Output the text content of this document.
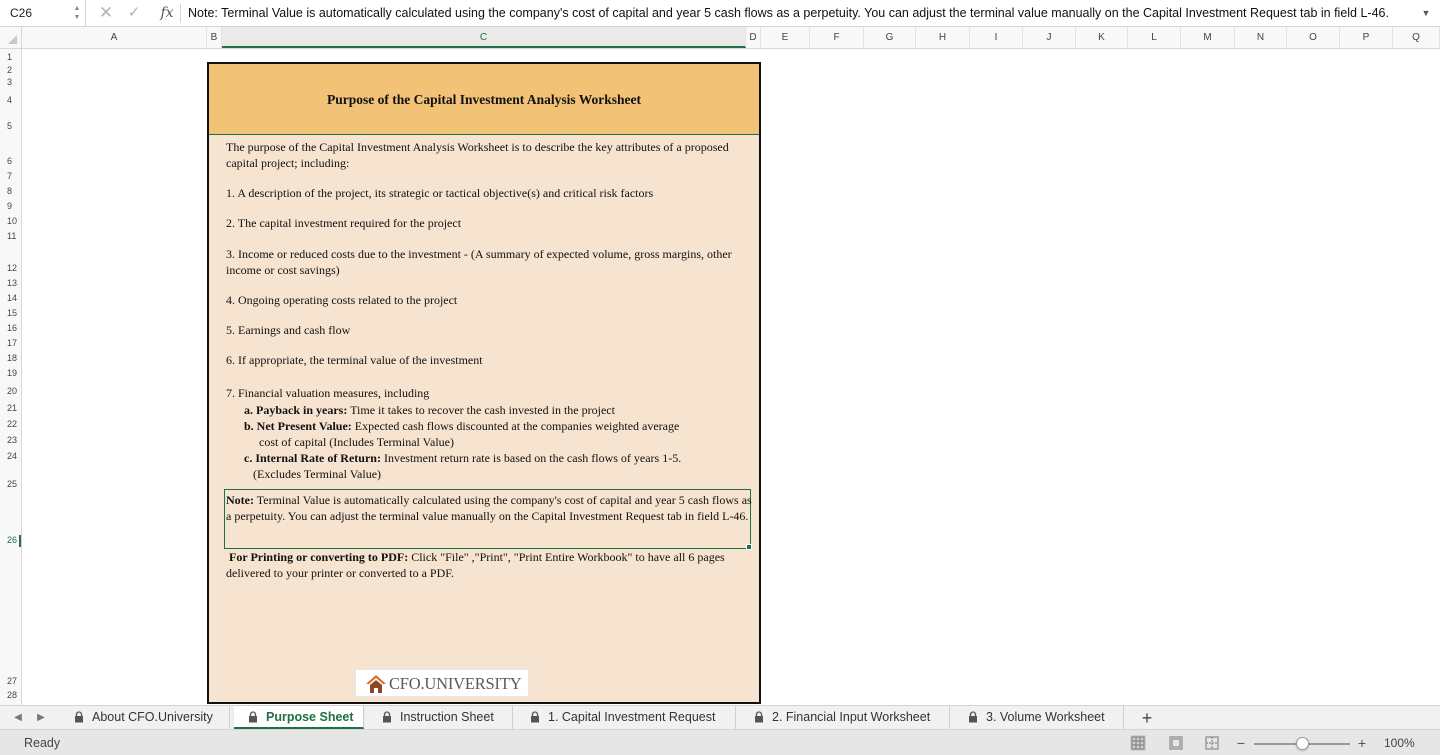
C26	▲
▼ ✕ ✓	fx	Note: Terminal Value is automatically calculated using the company's cost of capital and year 5 cash flows as a perpetuity. You can adjust the terminal value manually on the Capital Investment Request tab in field L-46.	▼
A	B	C	D	E	F	G	H	I	J	K	L	M	N	O	P	Q
1
2
3
4
5
6
7
8
9
10
11
12
13
14
15
16
17
18
19
20
21
22
23
24
25
26
27
28
Purpose of the Capital Investment Analysis Worksheet
The purpose of the Capital Investment Analysis Worksheet is to describe the key attributes of a proposed
capital project; including:
1. A description of the project, its strategic or tactical objective(s) and critical risk factors
2. The capital investment required for the project
3. Income or reduced costs due to the investment - (A summary of expected volume, gross margins, other
income or cost savings)
4. Ongoing operating costs related to the project
5. Earnings and cash flow
6. If appropriate, the terminal value of the investment
7. Financial valuation measures, including
a. Payback in years: Time it takes to recover the cash invested in the project
b. Net Present Value: Expected cash flows discounted at the companies weighted average
cost of capital (Includes Terminal Value)
c. Internal Rate of Return: Investment return rate is based on the cash flows of years 1-5.
(Excludes Terminal Value)
Note: Terminal Value is automatically calculated using the company's cost of capital and year 5 cash flows as
a perpetuity. You can adjust the terminal value manually on the Capital Investment Request tab in field L-46.
For Printing or converting to PDF: Click "File" ,"Print", "Print Entire Workbook" to have all 6 pages
delivered to your printer or converted to a PDF.
CFO.UNIVERSITY
◀ ▶	+
About CFO.University	Purpose Sheet	Instruction Sheet	1. Capital Investment Request	2. Financial Input Worksheet	3. Volume Worksheet
Ready	−	+ 100%
